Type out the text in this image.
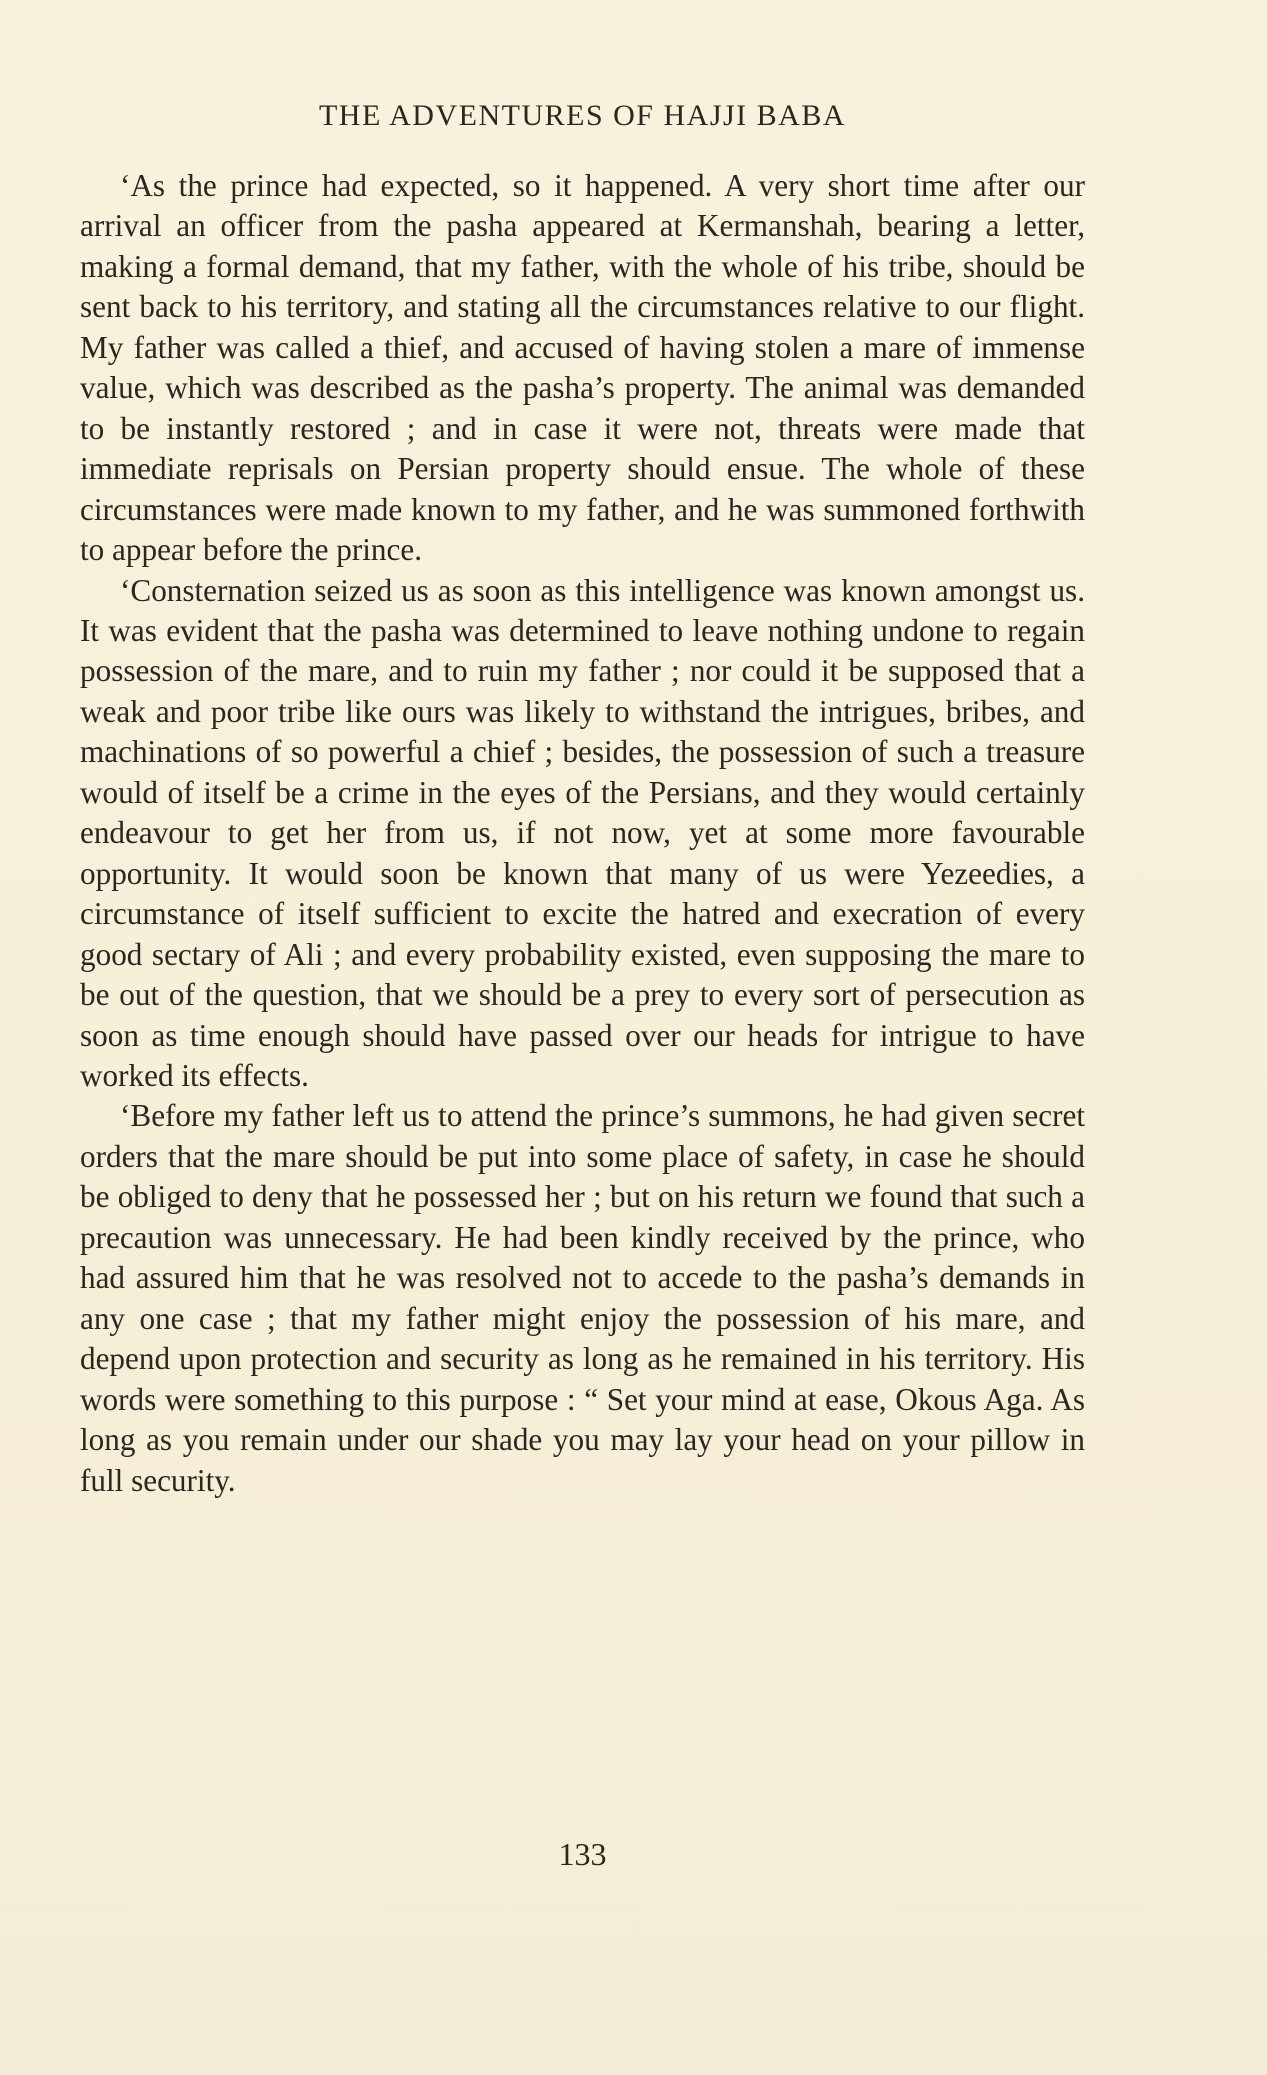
THE ADVENTURES OF HAJJI BABA

‘As the prince had expected, so it happened. A very short time after our arrival an officer from the pasha appeared at Kermanshah, bearing a letter, making a formal demand, that my father, with the whole of his tribe, should be sent back to his territory, and stating all the circumstances relative to our flight. My father was called a thief, and accused of having stolen a mare of immense value, which was described as the pasha’s property. The animal was demanded to be instantly restored ; and in case it were not, threats were made that immediate reprisals on Persian property should ensue. The whole of these circumstances were made known to my father, and he was summoned forthwith to appear before the prince.

‘Consternation seized us as soon as this intelligence was known amongst us. It was evident that the pasha was determined to leave nothing undone to regain possession of the mare, and to ruin my father ; nor could it be supposed that a weak and poor tribe like ours was likely to withstand the intrigues, bribes, and machinations of so powerful a chief ; besides, the possession of such a treasure would of itself be a crime in the eyes of the Persians, and they would certainly endeavour to get her from us, if not now, yet at some more favourable opportunity. It would soon be known that many of us were Yezeedies, a circumstance of itself sufficient to excite the hatred and execration of every good sectary of Ali ; and every probability existed, even supposing the mare to be out of the question, that we should be a prey to every sort of persecution as soon as time enough should have passed over our heads for intrigue to have worked its effects.

‘Before my father left us to attend the prince’s summons, he had given secret orders that the mare should be put into some place of safety, in case he should be obliged to deny that he possessed her ; but on his return we found that such a precaution was unnecessary. He had been kindly received by the prince, who had assured him that he was resolved not to accede to the pasha’s demands in any one case ; that my father might enjoy the possession of his mare, and depend upon protection and security as long as he remained in his territory. His words were something to this purpose : “ Set your mind at ease, Okous Aga. As long as you remain under our shade you may lay your head on your pillow in full security.

133
